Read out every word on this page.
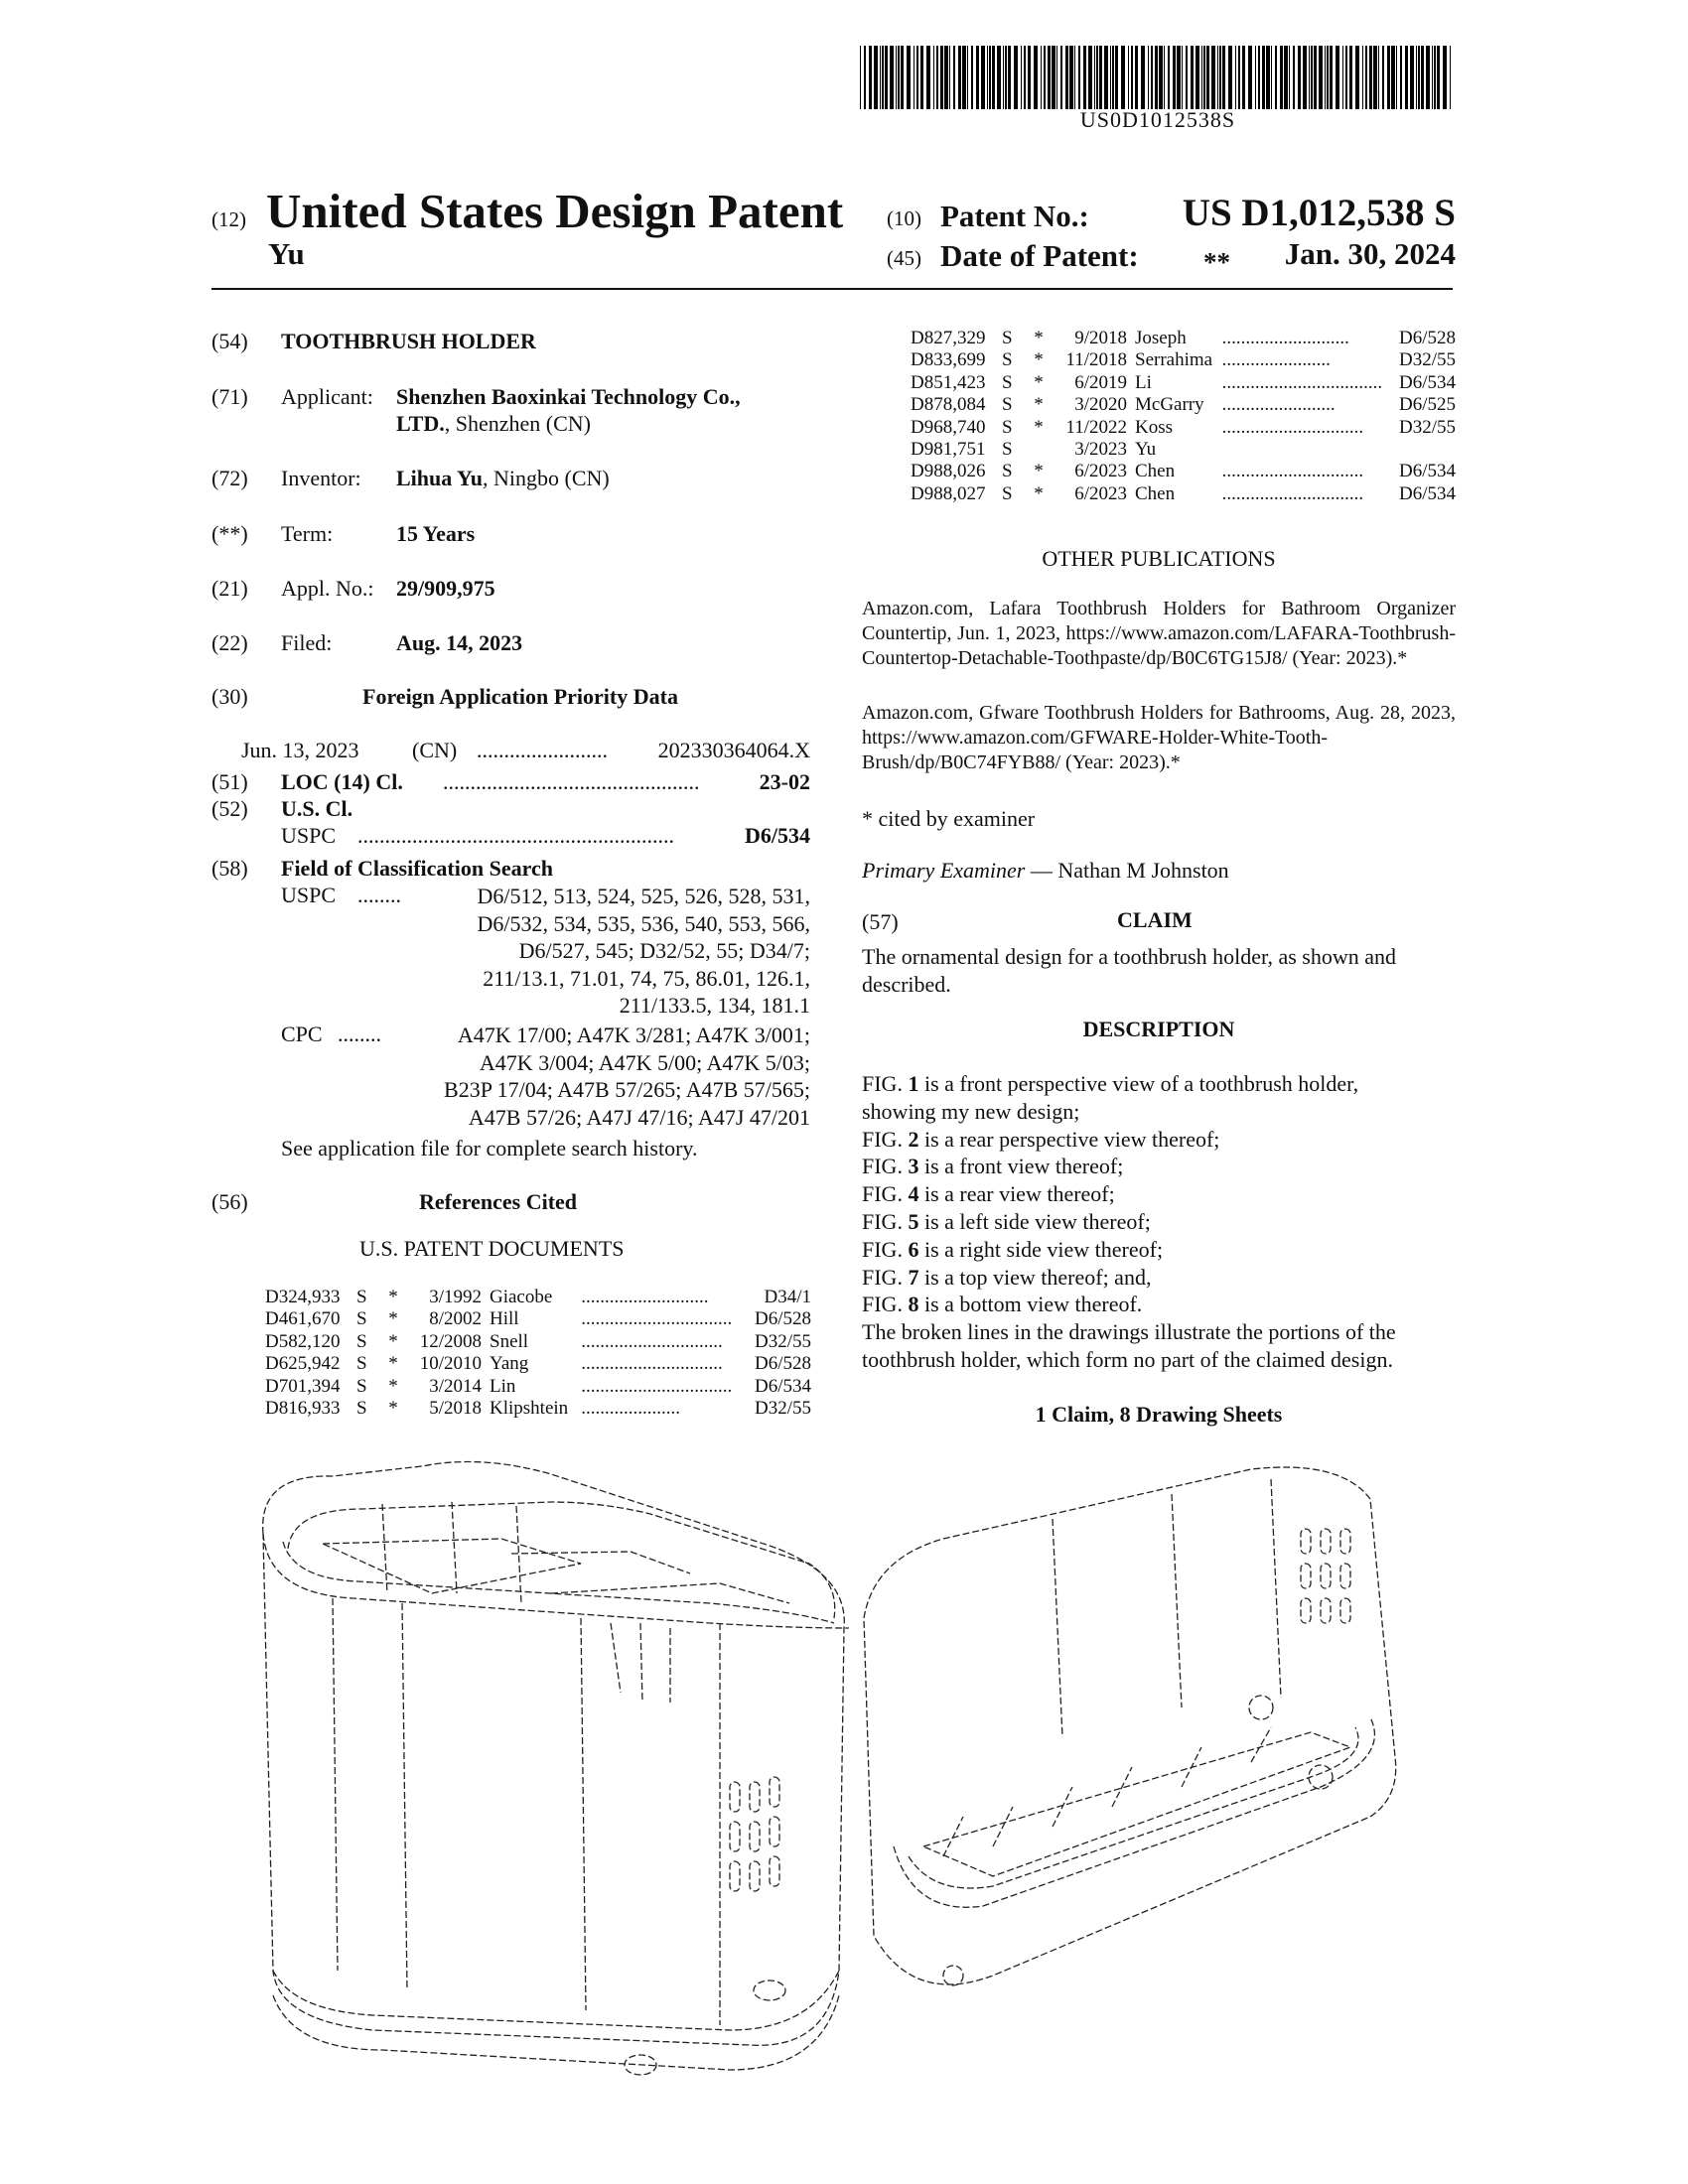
US0D1012538S
(12) United States Design Patent
Yu
(10) Patent No.:	US D1,012,538 S
(45) Date of Patent: **	Jan. 30, 2024
(54) TOOTHBRUSH HOLDER
(71) Applicant: Shenzhen Baoxinkai Technology Co.,
LTD., Shenzhen (CN)
(72) Inventor: Lihua Yu, Ningbo (CN)
(**) Term:	15 Years
(21) Appl. No.: 29/909,975
(22) Filed:	Aug. 14, 2023
(30)	Foreign Application Priority Data
Jun. 13, 2023 (CN) ........................	202330364064.X
(51) LOC (14) Cl. ...............................................	23-02
(52) U.S. Cl.
USPC ..........................................................	D6/534
(58) Field of Classification Search
USPC ........	D6/512, 513, 524, 525, 526, 528, 531,
D6/532, 534, 535, 536, 540, 553, 566,
D6/527, 545; D32/52, 55; D34/7;
211/13.1, 71.01, 74, 75, 86.01, 126.1,
211/133.5, 134, 181.1
CPC ........	A47K 17/00; A47K 3/281; A47K 3/001;
A47K 3/004; A47K 5/00; A47K 5/03;
B23P 17/04; A47B 57/265; A47B 57/565;
A47B 57/26; A47J 47/16; A47J 47/201
See application file for complete search history.
(56)	References Cited
U.S. PATENT DOCUMENTS
D324,933	S	*	3/1992	Giacobe	...........................	D34/1
D461,670	S	*	8/2002	Hill	................................	D6/528
D582,120	S	*	12/2008	Snell	..............................	D32/55
D625,942	S	*	10/2010	Yang	..............................	D6/528
D701,394	S	*	3/2014	Lin	................................	D6/534
D816,933	S	*	5/2018	Klipshtein	.....................	D32/55
D827,329	S	*	9/2018	Joseph	...........................	D6/528
D833,699	S	*	11/2018	Serrahima	.......................	D32/55
D851,423	S	*	6/2019	Li	..................................	D6/534
D878,084	S	*	3/2020	McGarry	........................	D6/525
D968,740	S	*	11/2022	Koss	..............................	D32/55
D981,751	S		3/2023	Yu		
D988,026	S	*	6/2023	Chen	..............................	D6/534
D988,027	S	*	6/2023	Chen	..............................	D6/534
OTHER PUBLICATIONS
Amazon.com, Lafara Toothbrush Holders for Bathroom Organizer Countertip, Jun. 1, 2023, https://www.amazon.com/LAFARA-Toothbrush-Countertop-Detachable-Toothpaste/dp/B0C6TG15J8/ (Year: 2023).*
Amazon.com, Gfware Toothbrush Holders for Bathrooms, Aug. 28, 2023, https://www.amazon.com/GFWARE-Holder-White-Tooth-Brush/dp/B0C74FYB88/ (Year: 2023).*
* cited by examiner
Primary Examiner — Nathan M Johnston
(57)	CLAIM
The ornamental design for a toothbrush holder, as shown and described.
DESCRIPTION
FIG. 1 is a front perspective view of a toothbrush holder,
showing my new design;
FIG. 2 is a rear perspective view thereof;
FIG. 3 is a front view thereof;
FIG. 4 is a rear view thereof;
FIG. 5 is a left side view thereof;
FIG. 6 is a right side view thereof;
FIG. 7 is a top view thereof; and,
FIG. 8 is a bottom view thereof.
The broken lines in the drawings illustrate the portions of the
toothbrush holder, which form no part of the claimed design.
1 Claim, 8 Drawing Sheets
